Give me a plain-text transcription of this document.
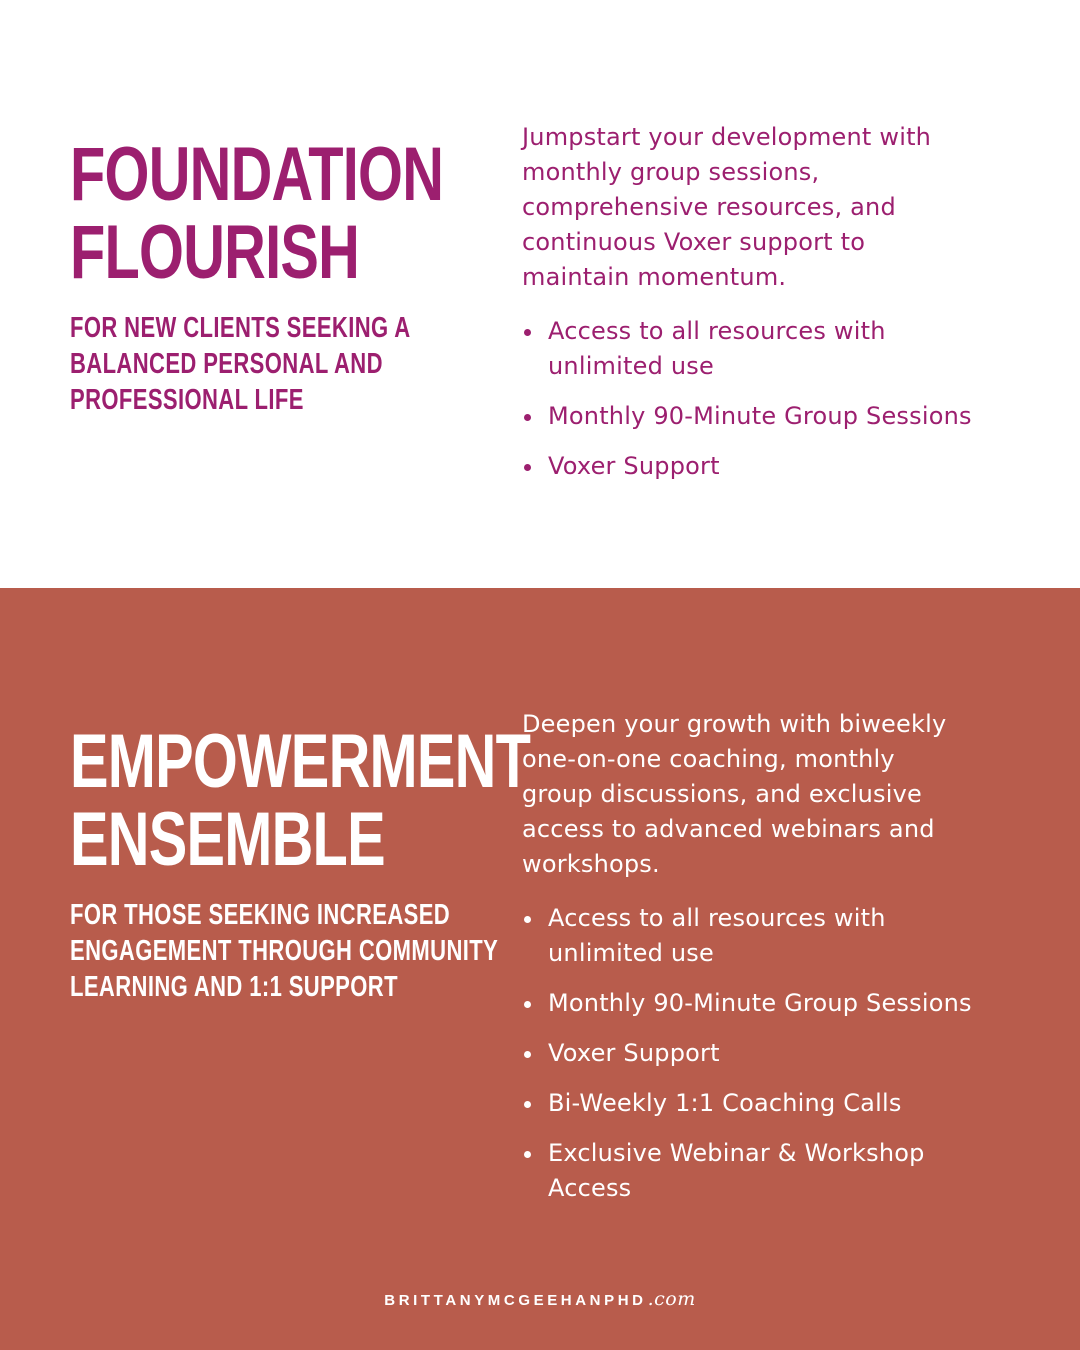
FOUNDATION
FLOURISH
FOR NEW CLIENTS SEEKING A
BALANCED PERSONAL AND
PROFESSIONAL LIFE

Jumpstart your development with
monthly group sessions,
comprehensive resources, and
continuous Voxer support to
maintain momentum.

Access to all resources with
unlimited use
Monthly 90-Minute Group Sessions
Voxer Support
EMPOWERMENT
ENSEMBLE
FOR THOSE SEEKING INCREASED
ENGAGEMENT THROUGH COMMUNITY
LEARNING AND 1:1 SUPPORT

Deepen your growth with biweekly
one-on-one coaching, monthly
group discussions, and exclusive
access to advanced webinars and
workshops.

Access to all resources with
unlimited use
Monthly 90-Minute Group Sessions
Voxer Support
Bi-Weekly 1:1 Coaching Calls
Exclusive Webinar & Workshop
Access
BRITTANYMCGEEHANPHD.com
